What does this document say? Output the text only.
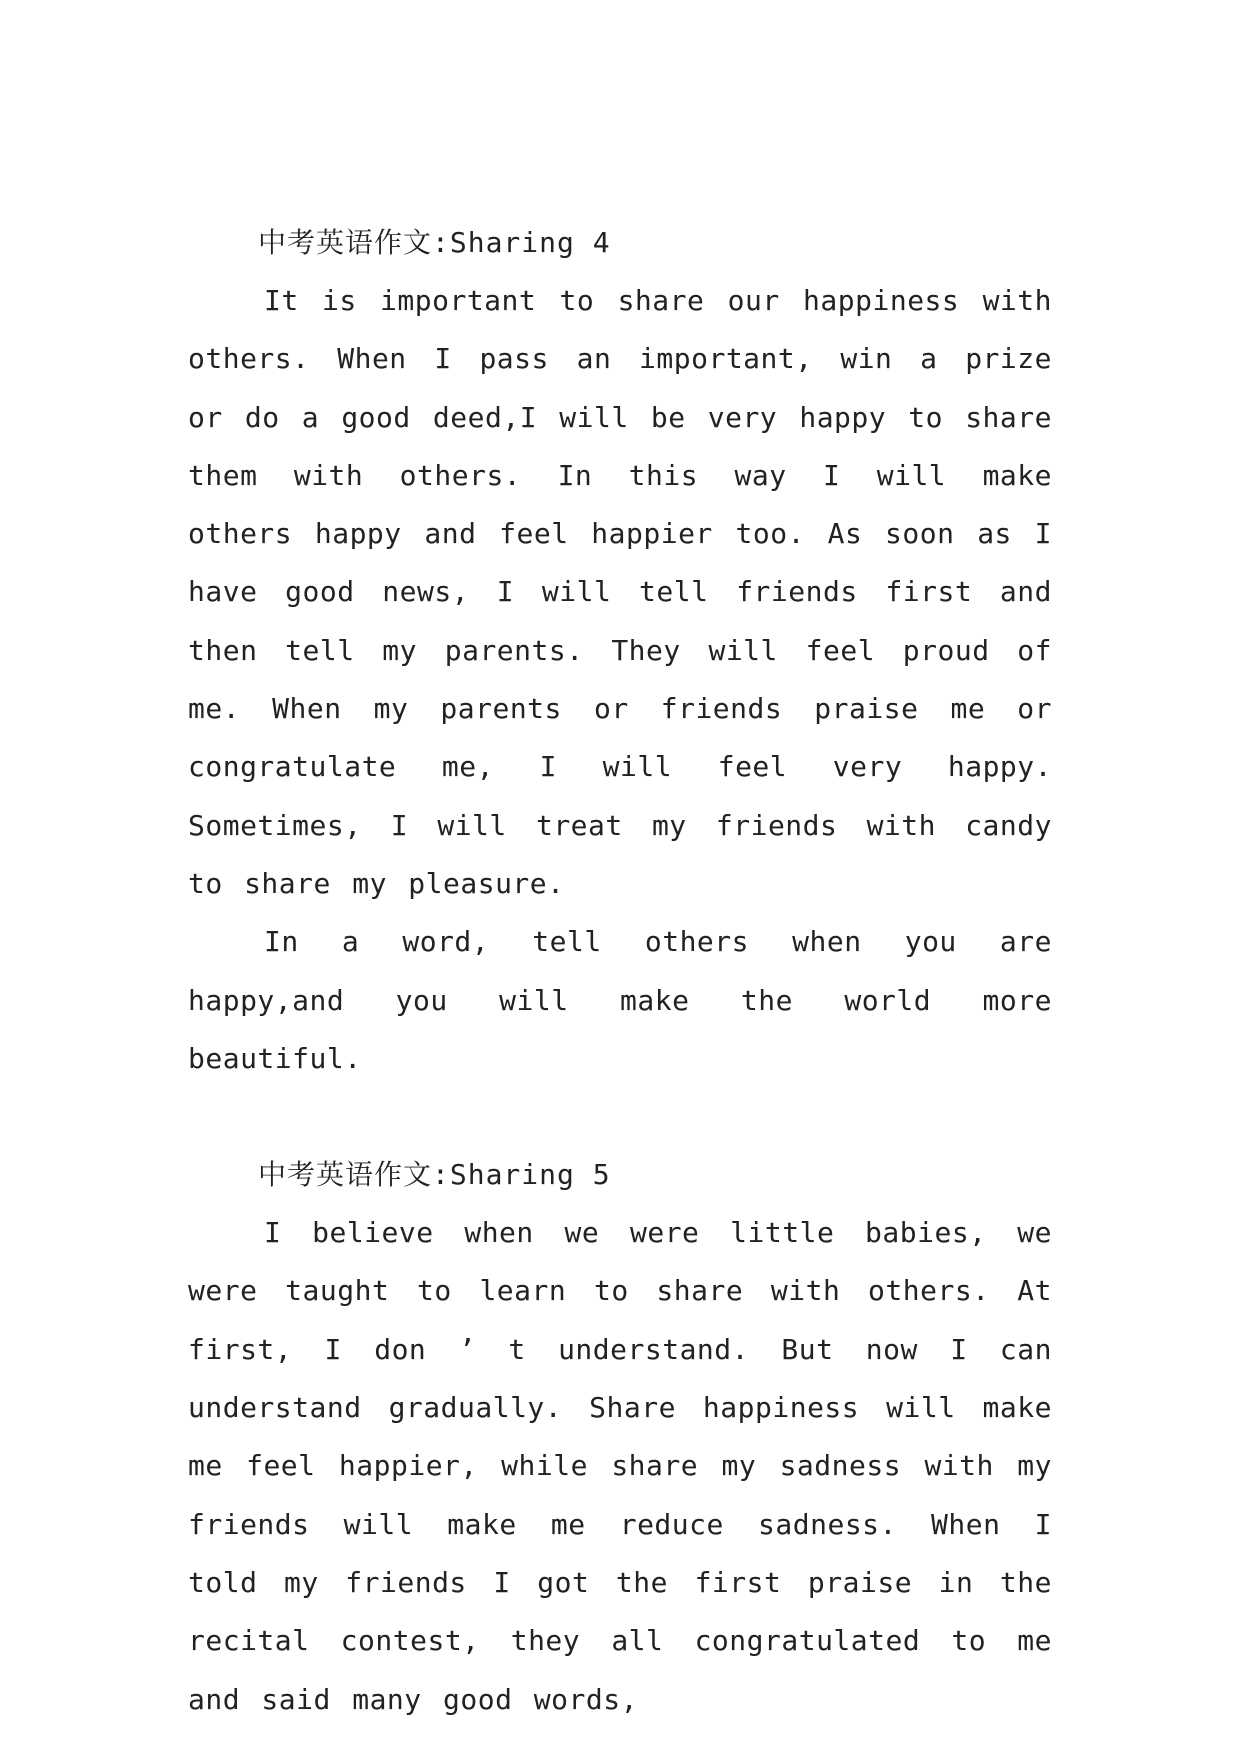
中考英语作文:Sharing 4

It is important to share our happiness with others. When I pass an important, win a prize or do a good deed,I will be very happy to share them with others. In this way I will make others happy and feel happier too. As soon as I have good news, I will tell friends first and then tell my parents. They will feel proud of me. When my parents or friends praise me or congratulate me, I will feel very happy. Sometimes, I will treat my friends with candy to share my pleasure.

In a word, tell others when you are happy,and you will make the world more beautiful.

中考英语作文:Sharing 5

I believe when we were little babies, we were taught to learn to share with others. At first, I don ’ t understand. But now I can understand gradually. Share happiness will make me feel happier, while share my sadness with my friends will make me reduce sadness. When I told my friends I got the first praise in the recital contest, they all congratulated to me and said many good words,
